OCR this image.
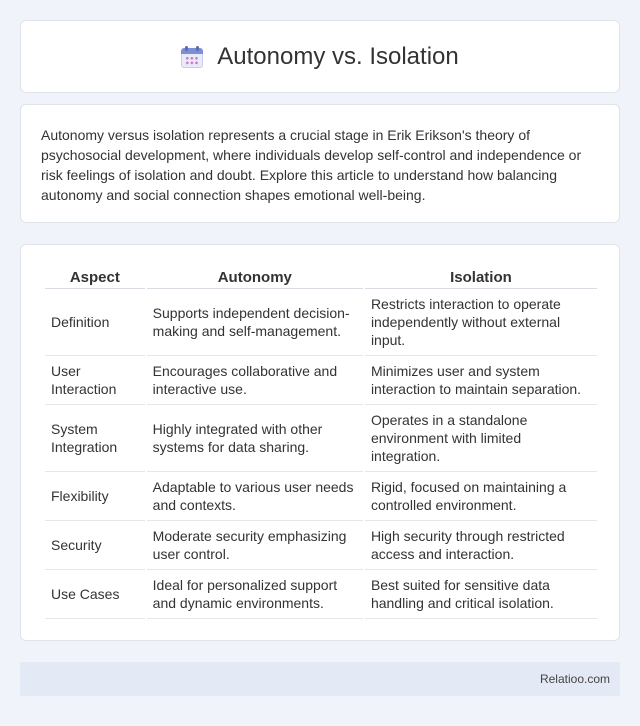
Autonomy vs. Isolation

Autonomy versus isolation represents a crucial stage in Erik Erikson's theory of psychosocial development, where individuals develop self-control and independence or risk feelings of isolation and doubt. Explore this article to understand how balancing autonomy and social connection shapes emotional well-being.

Aspect	Autonomy	Isolation
Definition	Supports independent decision-making and self-management.	Restricts interaction to operate independently without external input.
User Interaction	Encourages collaborative and interactive use.	Minimizes user and system interaction to maintain separation.
System Integration	Highly integrated with other systems for data sharing.	Operates in a standalone environment with limited integration.
Flexibility	Adaptable to various user needs and contexts.	Rigid, focused on maintaining a controlled environment.
Security	Moderate security emphasizing user control.	High security through restricted access and interaction.
Use Cases	Ideal for personalized support and dynamic environments.	Best suited for sensitive data handling and critical isolation.
Relatioo.com
